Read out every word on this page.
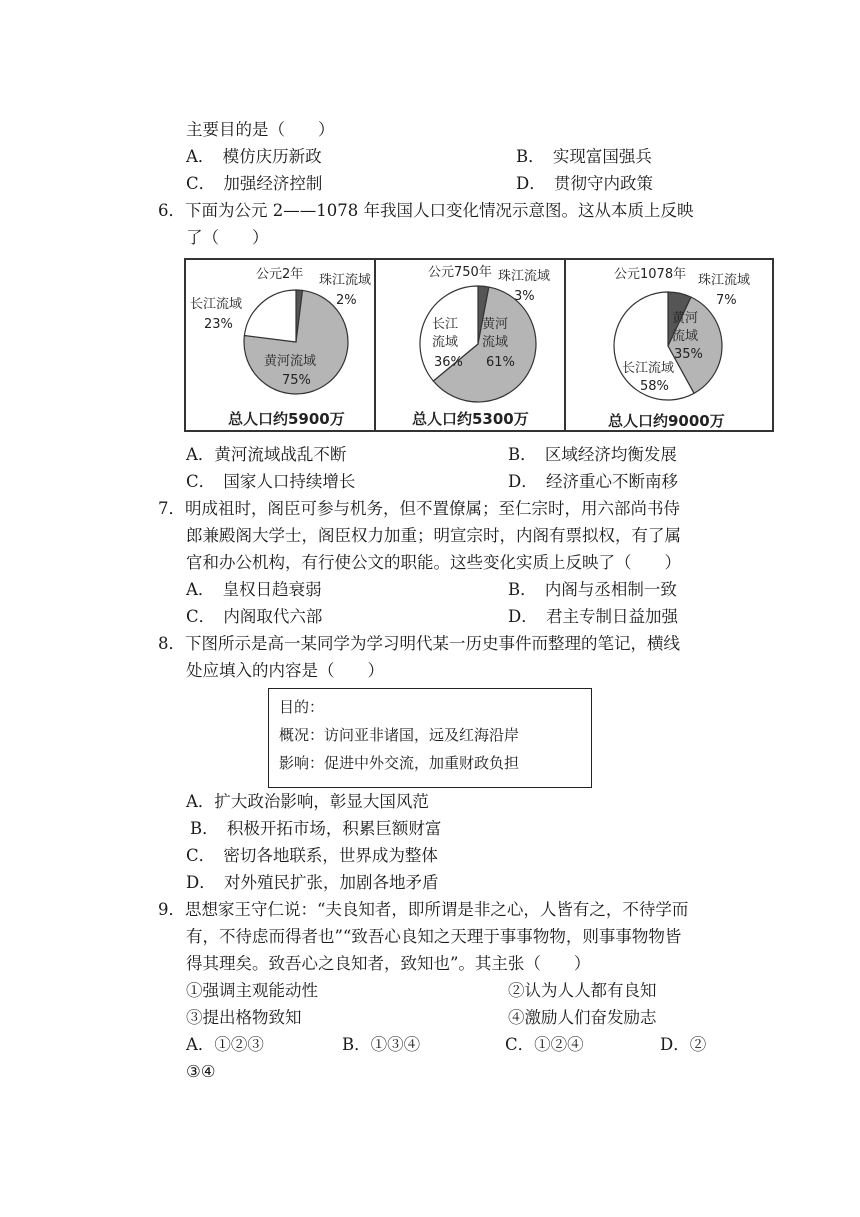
主要目的是（　　）
A．　模仿庆历新政	B．　实现富国强兵
C．　加强经济控制	D．　贯彻守内政策
6．下面为公元 2——1078 年我国人口变化情况示意图。这从本质上反映
了（　　）
公元2年 珠江流域
2%
长江流域
23%
黄河流域
75%
总人口约5900万
公元750年 珠江流域
3%
长江
流域
36%
黄河
流域
61%
总人口约5300万
公元1078年 珠江流域
7%
黄河
流域
35%
长江流域
58%
总人口约9000万
A．黄河流域战乱不断	B．　区域经济均衡发展
C．　国家人口持续增长	D．　经济重心不断南移
7．明成祖时，阁臣可参与机务，但不置僚属；至仁宗时，用六部尚书侍
郎兼殿阁大学士，阁臣权力加重；明宣宗时，内阁有票拟权，有了属
官和办公机构，有行使公文的职能。这些变化实质上反映了（　　）
A．　皇权日趋衰弱	B．　内阁与丞相制一致
C．　内阁取代六部	D．　君主专制日益加强
8．下图所示是高一某同学为学习明代某一历史事件而整理的笔记，横线
处应填入的内容是（　　）
目的：
概况：访问亚非诸国，远及红海沿岸
影响：促进中外交流，加重财政负担
A．扩大政治影响，彰显大国风范
B．　积极开拓市场，积累巨额财富
C．　密切各地联系，世界成为整体
D．　对外殖民扩张，加剧各地矛盾
9．思想家王守仁说：“夫良知者，即所谓是非之心，人皆有之，不待学而
有，不待虑而得者也”“致吾心良知之天理于事事物物，则事事物物皆
得其理矣。致吾心之良知者，致知也”。其主张（　　）
①强调主观能动性	②认为人人都有良知
③提出格物致知	④激励人们奋发励志
A．①②③	B．①③④	C．①②④	D．②
③④
